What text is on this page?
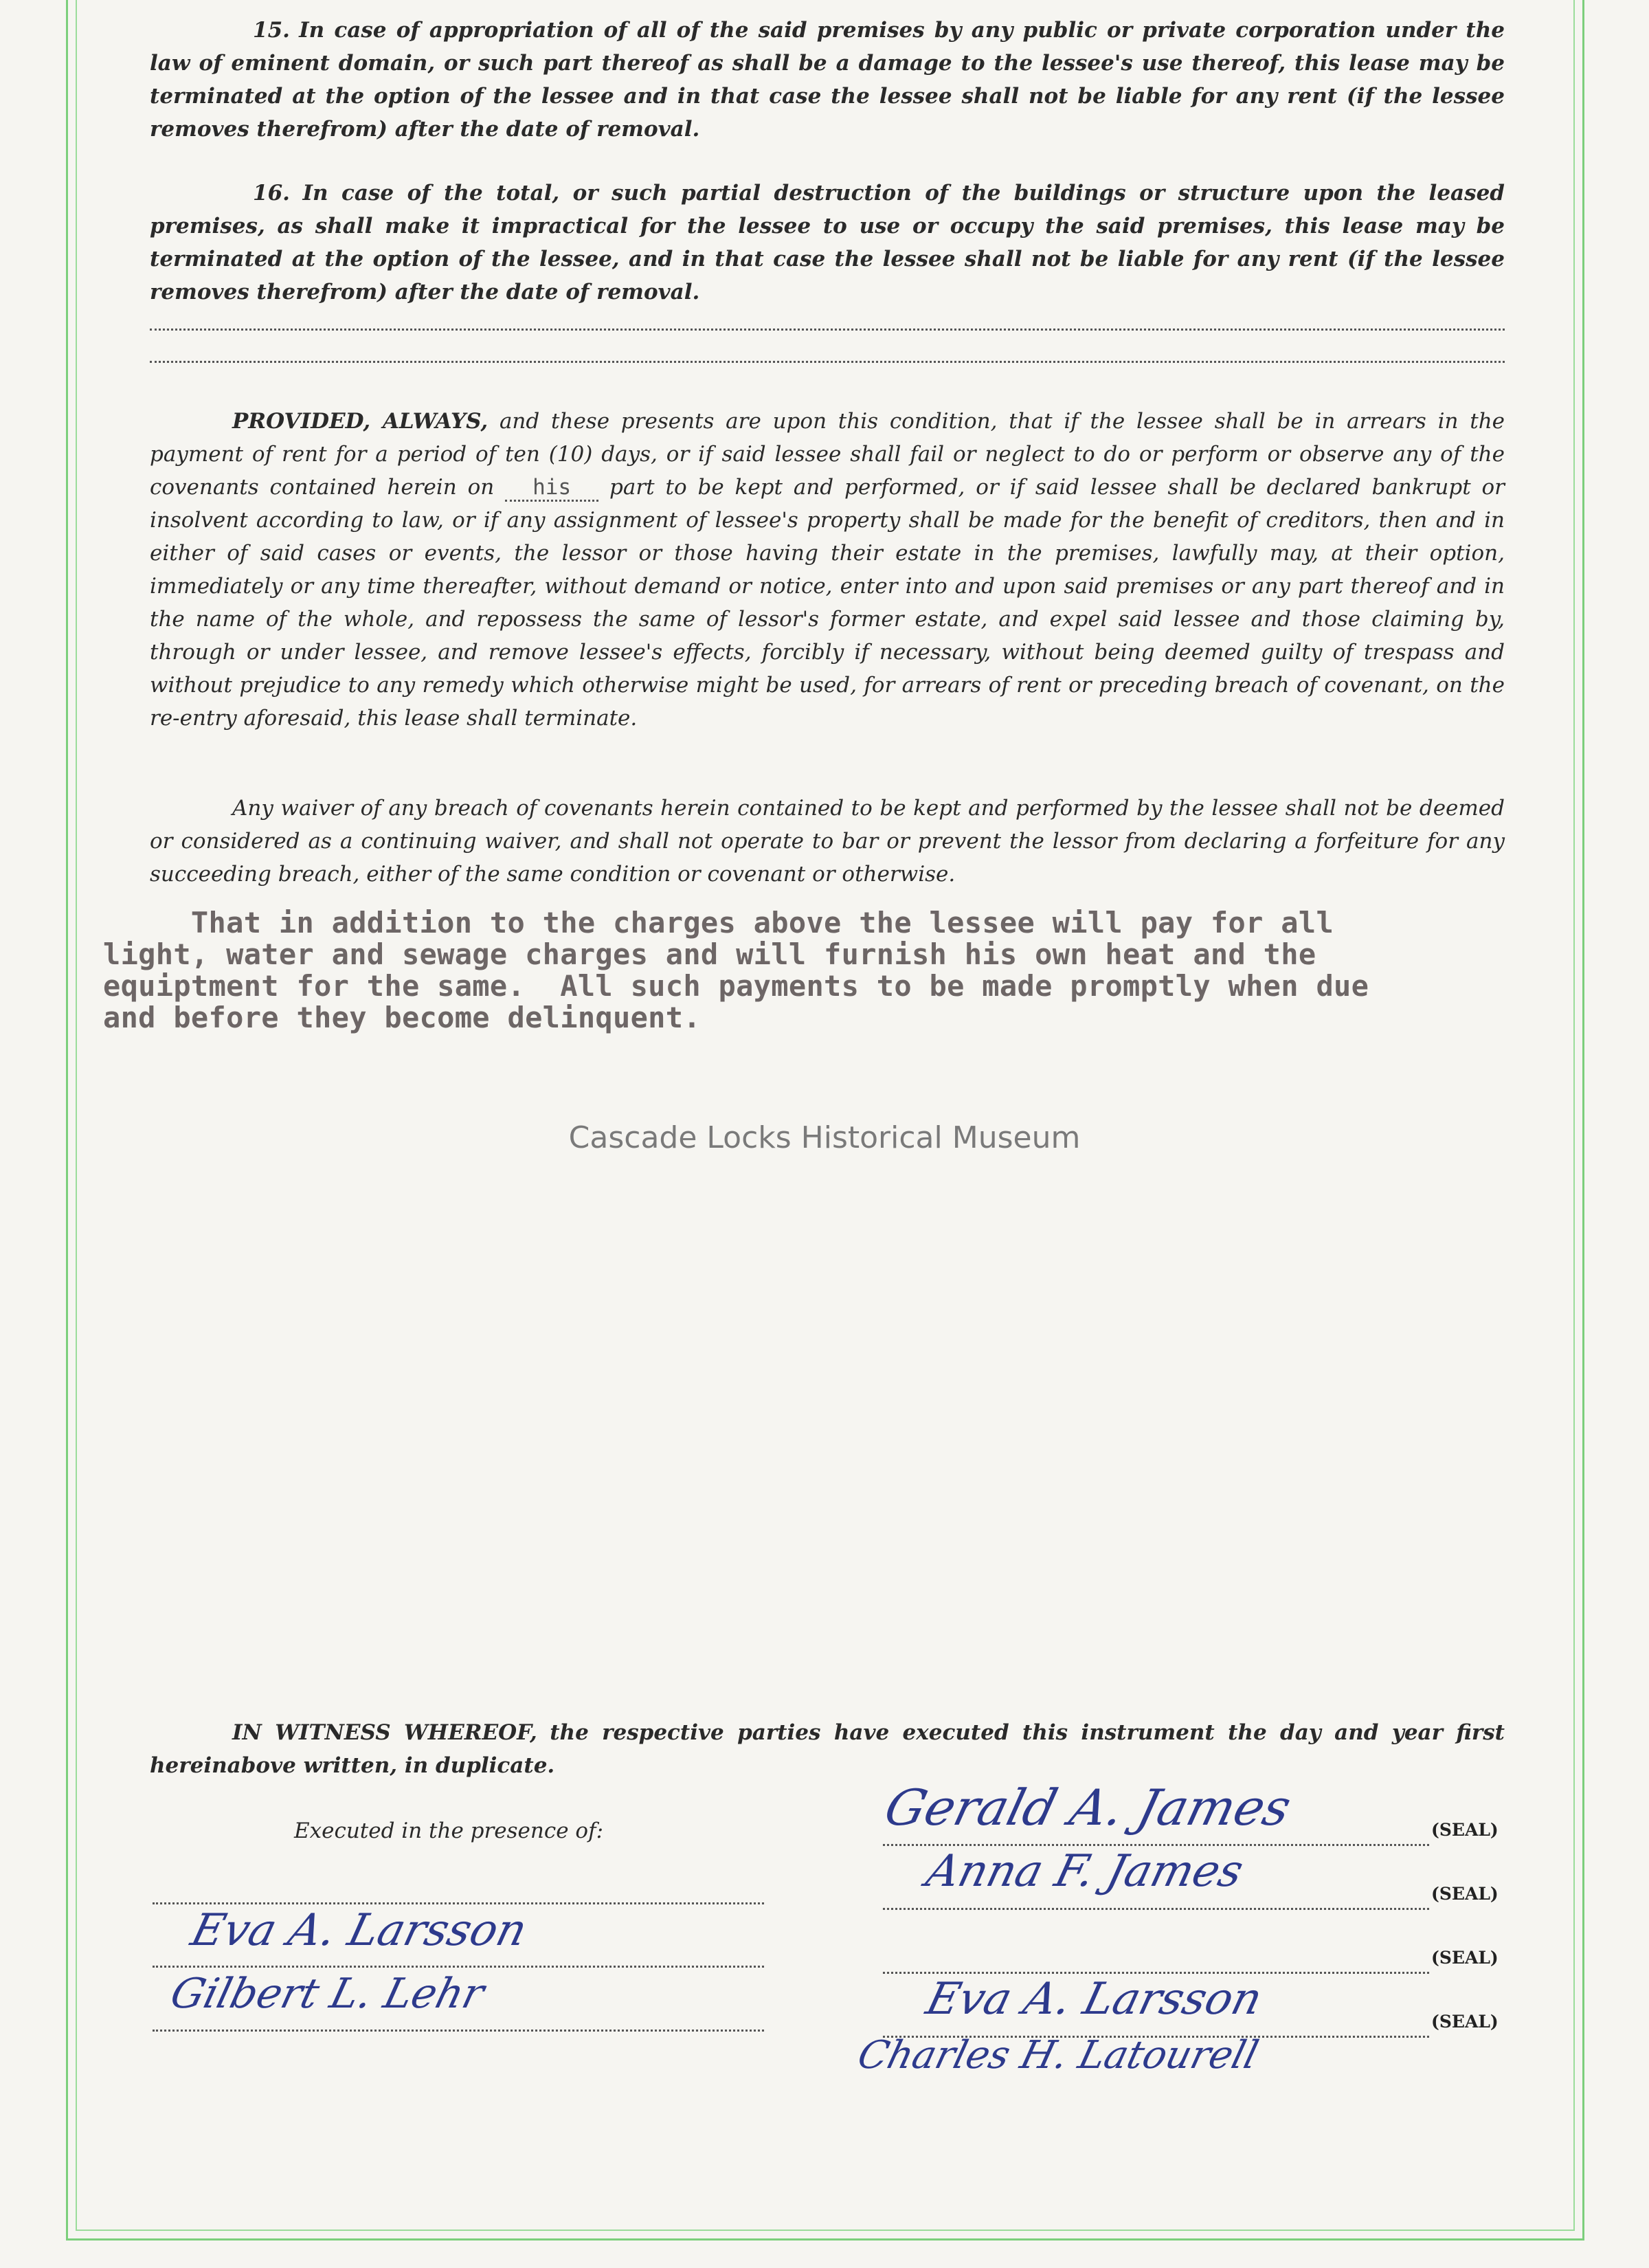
15. In case of appropriation of all of the said premises by any public or private corporation under the law of eminent domain, or such part thereof as shall be a damage to the lessee's use thereof, this lease may be terminated at the option of the lessee and in that case the lessee shall not be liable for any rent (if the lessee removes therefrom) after the date of removal.
16. In case of the total, or such partial destruction of the buildings or structure upon the leased premises, as shall make it impractical for the lessee to use or occupy the said premises, this lease may be terminated at the option of the lessee, and in that case the lessee shall not be liable for any rent (if the lessee removes therefrom) after the date of removal.
PROVIDED, ALWAYS, and these presents are upon this condition, that if the lessee shall be in arrears in the payment of rent for a period of ten (10) days, or if said lessee shall fail or neglect to do or perform or observe any of the covenants contained herein on his part to be kept and performed, or if said lessee shall be declared bankrupt or insolvent according to law, or if any assignment of lessee's property shall be made for the benefit of creditors, then and in either of said cases or events, the lessor or those having their estate in the premises, lawfully may, at their option, immediately or any time thereafter, without demand or notice, enter into and upon said premises or any part thereof and in the name of the whole, and repossess the same of lessor's former estate, and expel said lessee and those claiming by, through or under lessee, and remove lessee's effects, forcibly if necessary, without being deemed guilty of trespass and without prejudice to any remedy which otherwise might be used, for arrears of rent or preceding breach of covenant, on the re-entry aforesaid, this lease shall terminate.
Any waiver of any breach of covenants herein contained to be kept and performed by the lessee shall not be deemed or considered as a continuing waiver, and shall not operate to bar or prevent the lessor from declaring a forfeiture for any succeeding breach, either of the same condition or covenant or otherwise.
That in addition to the charges above the lessee will pay for all
light, water and sewage charges and will furnish his own heat and the
equiptment for the same.  All such payments to be made promptly when due
and before they become delinquent.
Cascade Locks Historical Museum
IN WITNESS WHEREOF, the respective parties have executed this instrument the day and year first hereinabove written, in duplicate.
Executed in the presence of:	(SEAL)
(SEAL)
(SEAL)
(SEAL)
Gerald A. James
Anna F. James
Eva A. Larsson
Charles H. Latourell
Eva A. Larsson
Gilbert L. Lehr
